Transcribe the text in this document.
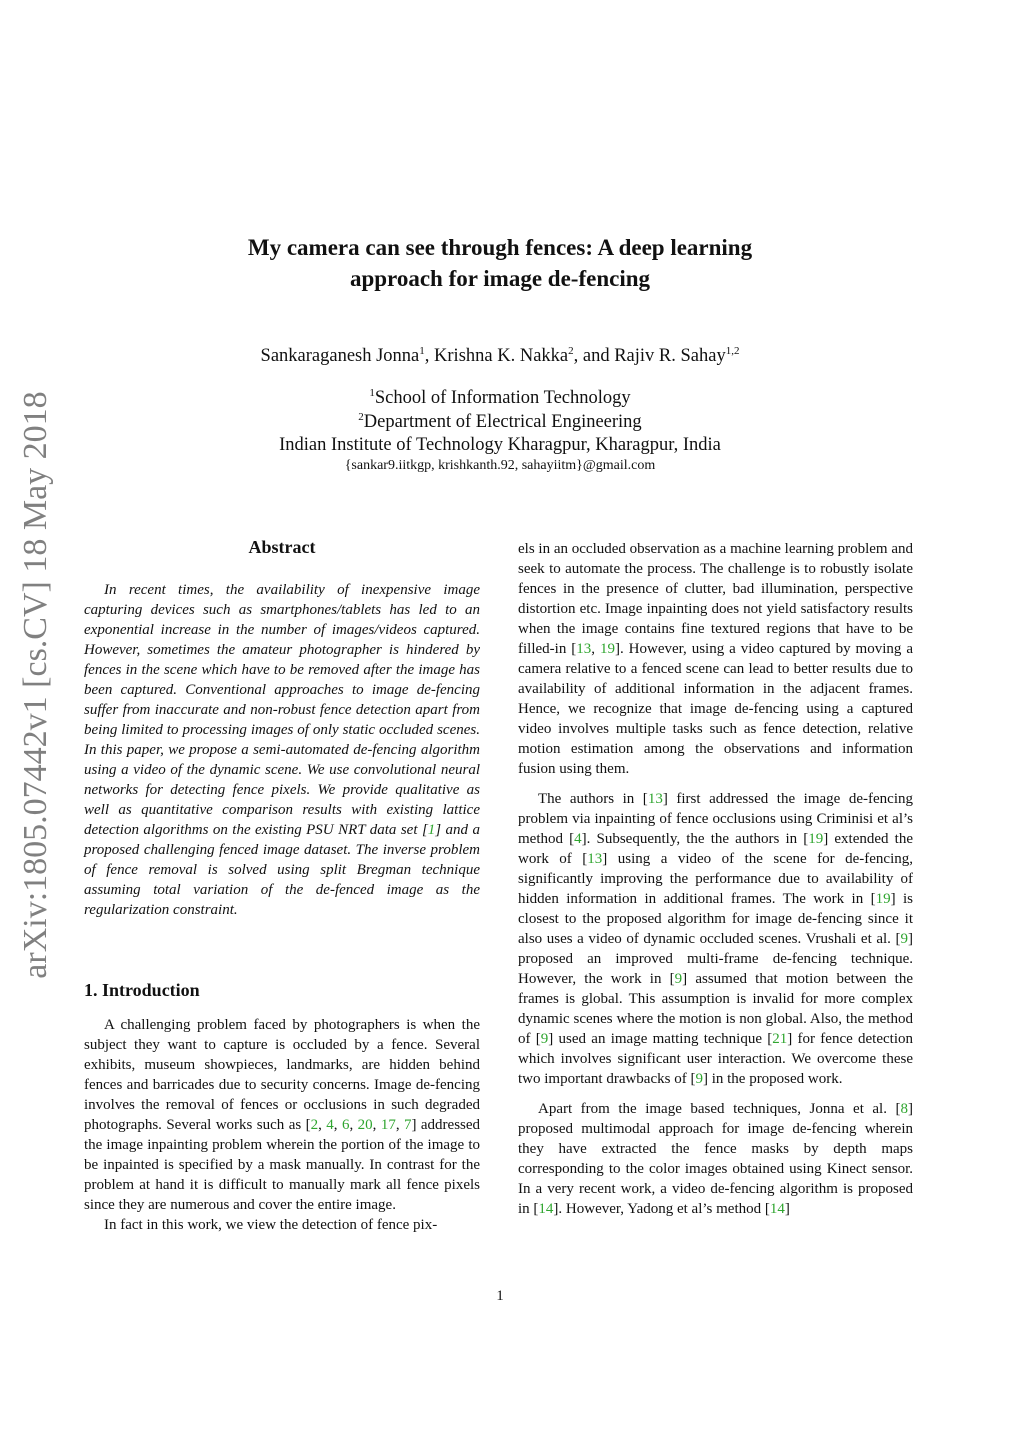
arXiv:1805.07442v1 [cs.CV] 18 May 2018
My camera can see through fences: A deep learning
approach for image de-fencing
Sankaraganesh Jonna$^1$, Krishna K. Nakka$^2$, and Rajiv R. Sahay$^{1,2}$
$^1$School of Information Technology
$^2$Department of Electrical Engineering
Indian Institute of Technology Kharagpur, Kharagpur, India
{sankar9.iitkgp, krishkanth.92, sahayiitm}@gmail.com
Abstract

In recent times, the availability of inexpensive image capturing devices such as smartphones/tablets has led to an exponential increase in the number of images/videos captured. However, sometimes the amateur photographer is hindered by fences in the scene which have to be removed after the image has been captured. Conventional approaches to image de-fencing suffer from inaccurate and non-robust fence detection apart from being limited to processing images of only static occluded scenes. In this paper, we propose a semi-automated de-fencing algorithm using a video of the dynamic scene. We use convolutional neural networks for detecting fence pixels. We provide qualitative as well as quantitative comparison results with existing lattice detection algorithms on the existing PSU NRT data set [1] and a proposed challenging fenced image dataset. The inverse problem of fence removal is solved using split Bregman technique assuming total variation of the de-fenced image as the regularization constraint.

1. Introduction

A challenging problem faced by photographers is when the subject they want to capture is occluded by a fence. Several exhibits, museum showpieces, landmarks, are hidden behind fences and barricades due to security concerns. Image de-fencing involves the removal of fences or occlusions in such degraded photographs. Several works such as [2, 4, 6, 20, 17, 7] addressed the image inpainting problem wherein the portion of the image to be inpainted is specified by a mask manually. In contrast for the problem at hand it is difficult to manually mark all fence pixels since they are numerous and cover the entire image.

In fact in this work, we view the detection of fence pix-

els in an occluded observation as a machine learning problem and seek to automate the process. The challenge is to robustly isolate fences in the presence of clutter, bad illumination, perspective distortion etc. Image inpainting does not yield satisfactory results when the image contains fine textured regions that have to be filled-in [13, 19]. However, using a video captured by moving a camera relative to a fenced scene can lead to better results due to availability of additional information in the adjacent frames. Hence, we recognize that image de-fencing using a captured video involves multiple tasks such as fence detection, relative motion estimation among the observations and information fusion using them.

The authors in [13] first addressed the image de-fencing problem via inpainting of fence occlusions using Criminisi et al’s method [4]. Subsequently, the the authors in [19] extended the work of [13] using a video of the scene for de-fencing, significantly improving the performance due to availability of hidden information in additional frames. The work in [19] is closest to the proposed algorithm for image de-fencing since it also uses a video of dynamic occluded scenes. Vrushali et al. [9] proposed an improved multi-frame de-fencing technique. However, the work in [9] assumed that motion between the frames is global. This assumption is invalid for more complex dynamic scenes where the motion is non global. Also, the method of [9] used an image matting technique [21] for fence detection which involves significant user interaction. We overcome these two important drawbacks of [9] in the proposed work.

Apart from the image based techniques, Jonna et al. [8] proposed multimodal approach for image de-fencing wherein they have extracted the fence masks by depth maps corresponding to the color images obtained using Kinect sensor. In a very recent work, a video de-fencing algorithm is proposed in [14]. However, Yadong et al’s method [14]

1
